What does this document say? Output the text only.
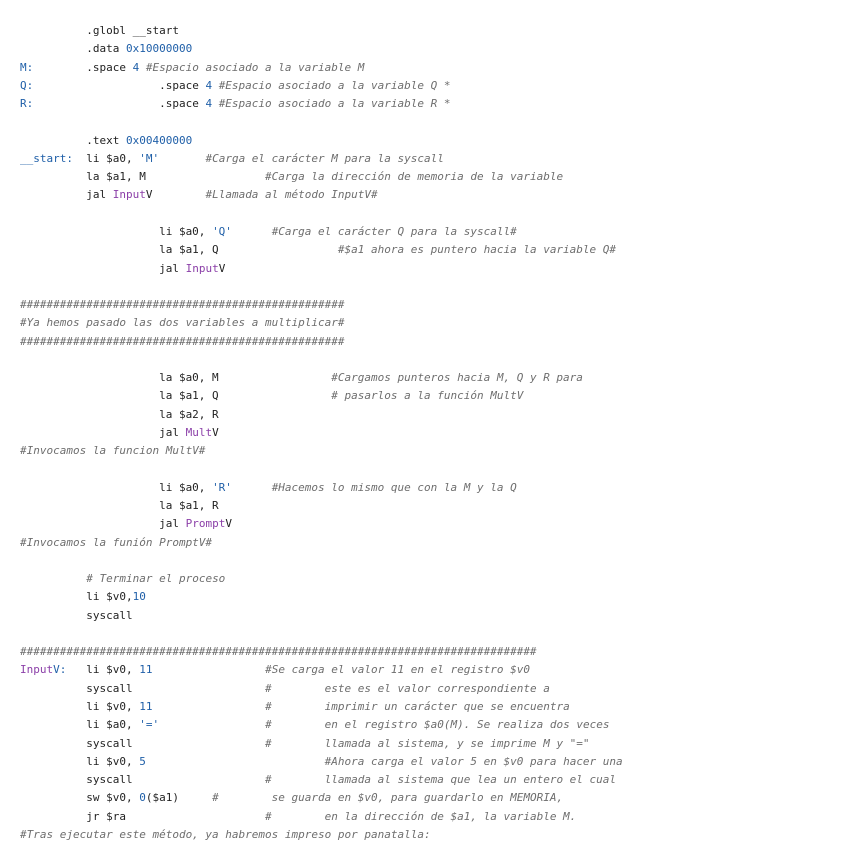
.globl __start
.data 0x10000000
M:        .space 4 #Espacio asociado a la variable M
Q:                   .space 4 #Espacio asociado a la variable Q *
R:                   .space 4 #Espacio asociado a la variable R *
.text 0x00400000
__start:  li $a0, 'M'	#Carga el carácter M para la syscall
la $a1, M                  #Carga la dirección de memoria de la variable
jal InputV        #Llamada al método InputV#
li $a0, 'Q'	#Carga el carácter Q para la syscall#
la $a1, Q                  #$a1 ahora es puntero hacia la variable Q#
jal InputV
#################################################
#Ya hemos pasado las dos variables a multiplicar#
#################################################
la $a0, M                 #Cargamos punteros hacia M, Q y R para
la $a1, Q                 # pasarlos a la función MultV
la $a2, R
jal MultV
#Invocamos la funcion MultV#
li $a0, 'R'	#Hacemos lo mismo que con la M y la Q
la $a1, R
jal PromptV
#Invocamos la funión PromptV#
# Terminar el proceso
li $v0,10
syscall
##############################################################################
InputV:   li $v0, 11	#Se carga el valor 11 en el registro $v0
syscall                    #        este es el valor correspondiente a
li $v0, 11	#        imprimir un carácter que se encuentra
li $a0, '='	#        en el registro $a0(M). Se realiza dos veces
syscall                    #        llamada al sistema, y se imprime M y "="
li $v0, 5	#Ahora carga el valor 5 en $v0 para hacer una
syscall                    #        llamada al sistema que lea un entero el cual
sw $v0, 0($a1)     #        se guarda en $v0, para guardarlo en MEMORIA,
jr $ra                     #        en la dirección de $a1, la variable M.
#Tras ejecutar este método, ya habremos impreso por panatalla:
